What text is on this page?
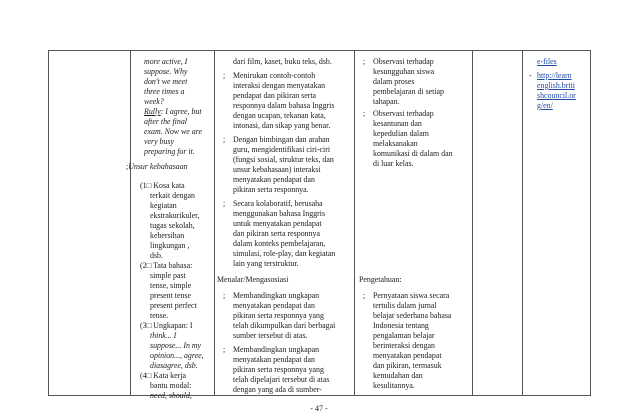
more active, I
suppose. Why
don't we meet
three times a
week?
Rully: I agree, but
after the final
exam. Now we are
very busy
preparing for it.
;Unsur kebahasaan
(1□ Kosa kata
terkait dengan
kegiatan
ekstrakurikuler,
tugas sekolah,
kebersihan
lingkungan ,
dsb.
(2□ Tata bahasa:
simple past
tense, simple
present tense
present perfect
tense.
(3□ Ungkapan: I
think... I
suppose... In my
opinion..., agree,
diasagree, dsb.
(4□ Kata kerja
bantu modal:
need, should,
dari film, kaset, buku teks, dsb.
; Menirukan contoh-contoh
interaksi dengan menyatakan
pendapat dan pikiran serta
responnya dalam bahasa Inggris
dengan ucapan, tekanan kata,
intonasi, dan sikap yang benar.
; Dengan bimbingan dan arahan
guru, mengidentifikasi ciri-ciri
(fungsi sosial, struktur teks, dan
unsur kebahasaan) interaksi
menyatakan pendapat dan
pikiran serta responnya.
; Secara kolaboratif, berusaha
menggunakan bahasa Inggris
untuk menyatakan pendapat
dan pikiran serta responnya
dalam konteks pembelajaran,
simulasi, role-play, dan kegiatan
lain yang terstruktur.
Menalar/Mengasosiasi
; Membandingkan ungkapan
menyatakan pendapat dan
pikiran serta responnya yang
telah dikumpulkan dari berbagai
sumber tersebut di atas.
; Membandingkan ungkapan
menyatakan pendapat dan
pikiran serta responnya yang
telah dipelajari tersebut di atas
dengan yang ada di sumber-
; Observasi terhadap
kesungguhan siswa
dalam proses
pembelajaran di setiap
tahapan.
; Observasi terhadap
kesantunan dan
kepedulian dalam
melaksanakan
komunikasi di dalam dan
di luar kelas.
Pengetahuan:
; Pernyataan siswa secara
tertulis dalam jurnal
belajar sederhana bahasa
Indonesia tentang
pengalaman belajar
berinteraksi dengan
menyatakan pendapat
dan pikiran, termasuk
kemudahan dan
kesulitannya.
e-files
- http://learn
english.briti
shcouncil.or
g/en/
- 47 -
